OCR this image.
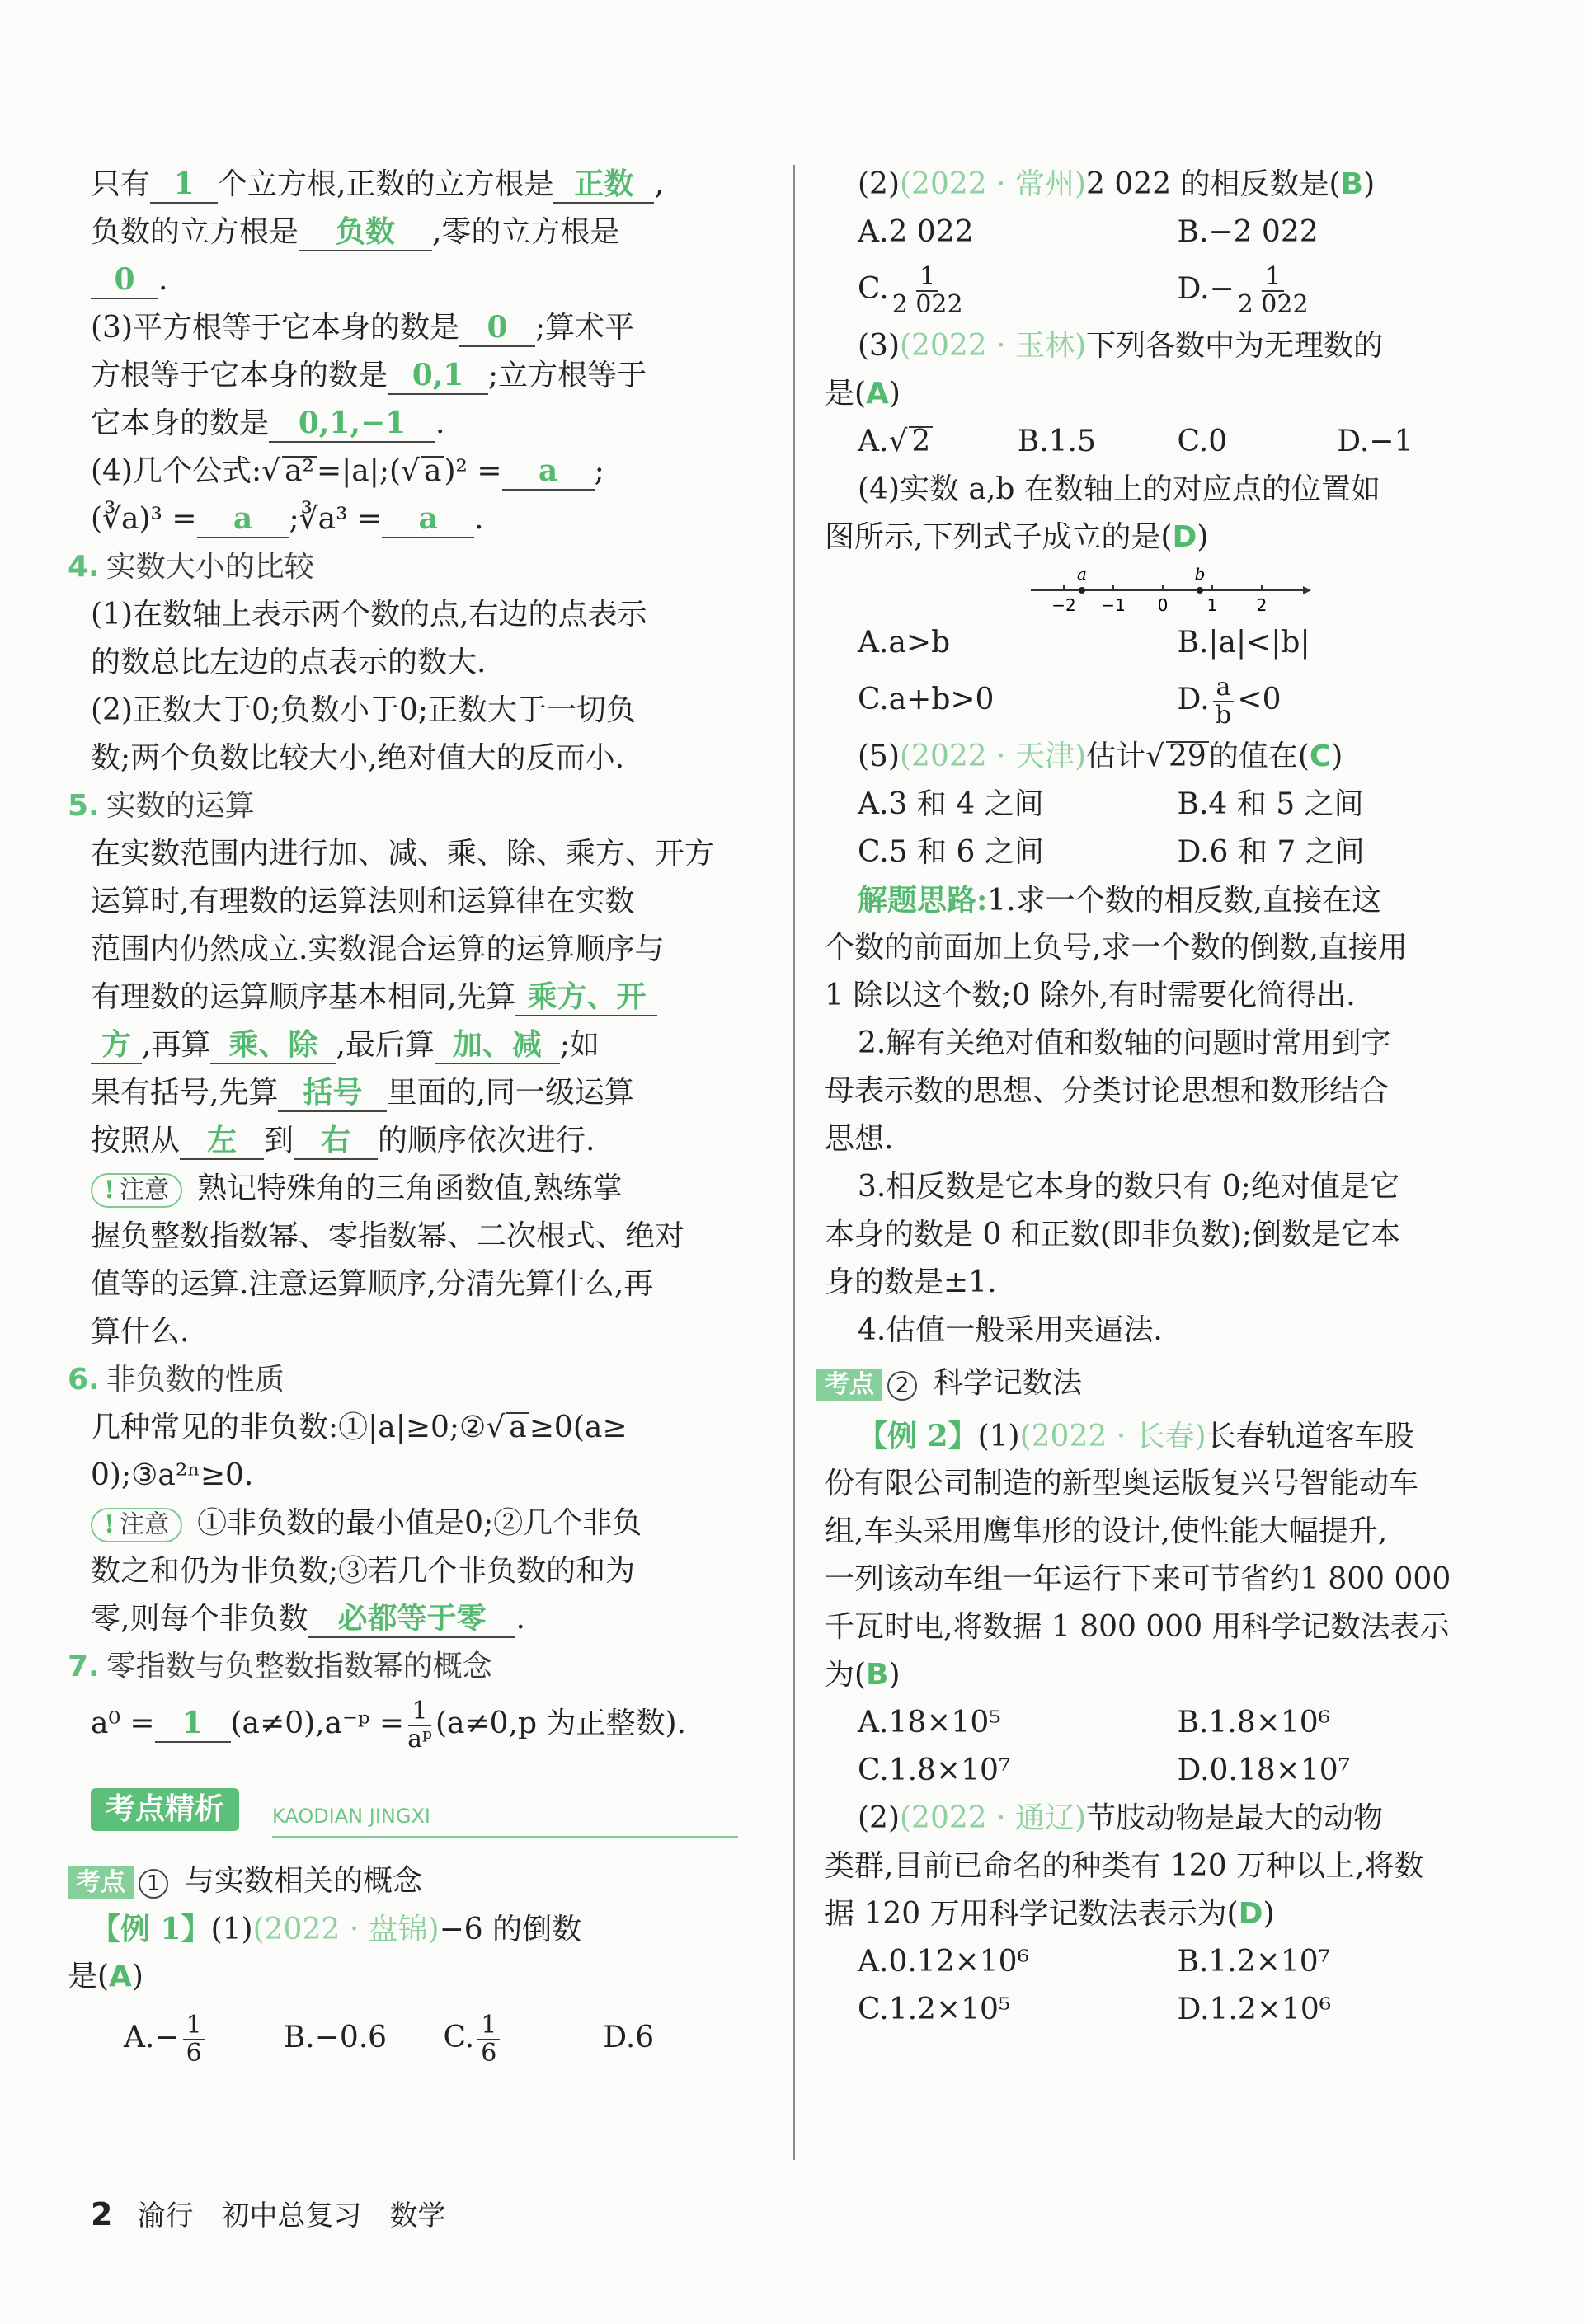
只有 1 个立方根,正数的立方根是 正数 ,
负数的立方根是 负数 ,零的立方根是
0 .
(3)平方根等于它本身的数是 0 ;算术平
方根等于它本身的数是 0,1 ;立方根等于
它本身的数是 0,1,−1 .
(4)几个公式:√ a²=|a|;(√ a)² = a ;
(∛a)³ = a ;∛a³ = a .
4. 实数大小的比较
(1)在数轴上表示两个数的点,右边的点表示
的数总比左边的点表示的数大.
(2)正数大于0;负数小于0;正数大于一切负
数;两个负数比较大小,绝对值大的反而小.
5. 实数的运算
在实数范围内进行加、减、乘、除、乘方、开方
运算时,有理数的运算法则和运算律在实数
范围内仍然成立.实数混合运算的运算顺序与
有理数的运算顺序基本相同,先算 乘方、开
方 ,再算 乘、除 ,最后算 加、减 ;如
果有括号,先算 括号 里面的,同一级运算
按照从 左 到 右 的顺序依次进行.
! 注意 熟记特殊角的三角函数值,熟练掌
握负整数指数幂、零指数幂、二次根式、绝对
值等的运算.注意运算顺序,分清先算什么,再
算什么.
6. 非负数的性质
几种常见的非负数:①|a|≥0;②√ a≥0(a≥
0);③a²ⁿ≥0.
! 注意 ①非负数的最小值是0;②几个非负
数之和仍为非负数;③若几个非负数的和为
零,则每个非负数 必都等于零 .
7. 零指数与负整数指数幂的概念
a⁰ = 1 (a≠0),a⁻ᵖ = $\frac{1}{\text{aᵖ}} (a\ne 0,p$ 为正整数).
考点精析	KAODIAN JINGXI
考点 1 与实数相关的概念
【例 1】(1)(2022 · 盘锦)−6 的倒数
是(A)
$A.- \frac{1}{6}$	B.−0.6	C. $\frac{1}{6}$	D.6
(2)(2022 · 常州)2 022 的相反数是(B)
A.2 022	B.−2 022
C. $\frac{1}{2 022}$	$D.- \frac{1}{2 022}$
(3)(2022 · 玉林)下列各数中为无理数的
是(A)
A.√ 2	B.1.5	C.0	D.−1
(4)实数 a,b 在数轴上的对应点的位置如
图所示,下列式子成立的是(D)
a	b
−2 −1 0 1 2
A.a>b	B.|a|<|b|
C.a+b>0	D. $\frac{a}{b} <0$
(5)(2022 · 天津)估计√ 29的值在(C)
A.3 和 4 之间	B.4 和 5 之间
C.5 和 6 之间	D.6 和 7 之间
解题思路:1.求一个数的相反数,直接在这
个数的前面加上负号,求一个数的倒数,直接用
1 除以这个数;0 除外,有时需要化简得出.
2.解有关绝对值和数轴的问题时常用到字
母表示数的思想、分类讨论思想和数形结合
思想.
3.相反数是它本身的数只有 0;绝对值是它
本身的数是 0 和正数(即非负数);倒数是它本
身的数是±1.
4.估值一般采用夹逼法.
考点 2 科学记数法
【例 2】(1)(2022 · 长春)长春轨道客车股
份有限公司制造的新型奥运版复兴号智能动车
组,车头采用鹰隼形的设计,使性能大幅提升,
一列该动车组一年运行下来可节省约1 800 000
千瓦时电,将数据 1 800 000 用科学记数法表示
为(B)
A.18×10⁵	B.1.8×10⁶
C.1.8×10⁷	D.0.18×10⁷
(2)(2022 · 通辽)节肢动物是最大的动物
类群,目前已命名的种类有 120 万种以上,将数
据 120 万用科学记数法表示为(D)
A.0.12×10⁶	B.1.2×10⁷
C.1.2×10⁵	D.1.2×10⁶
2 渝行 初中总复习 数学
